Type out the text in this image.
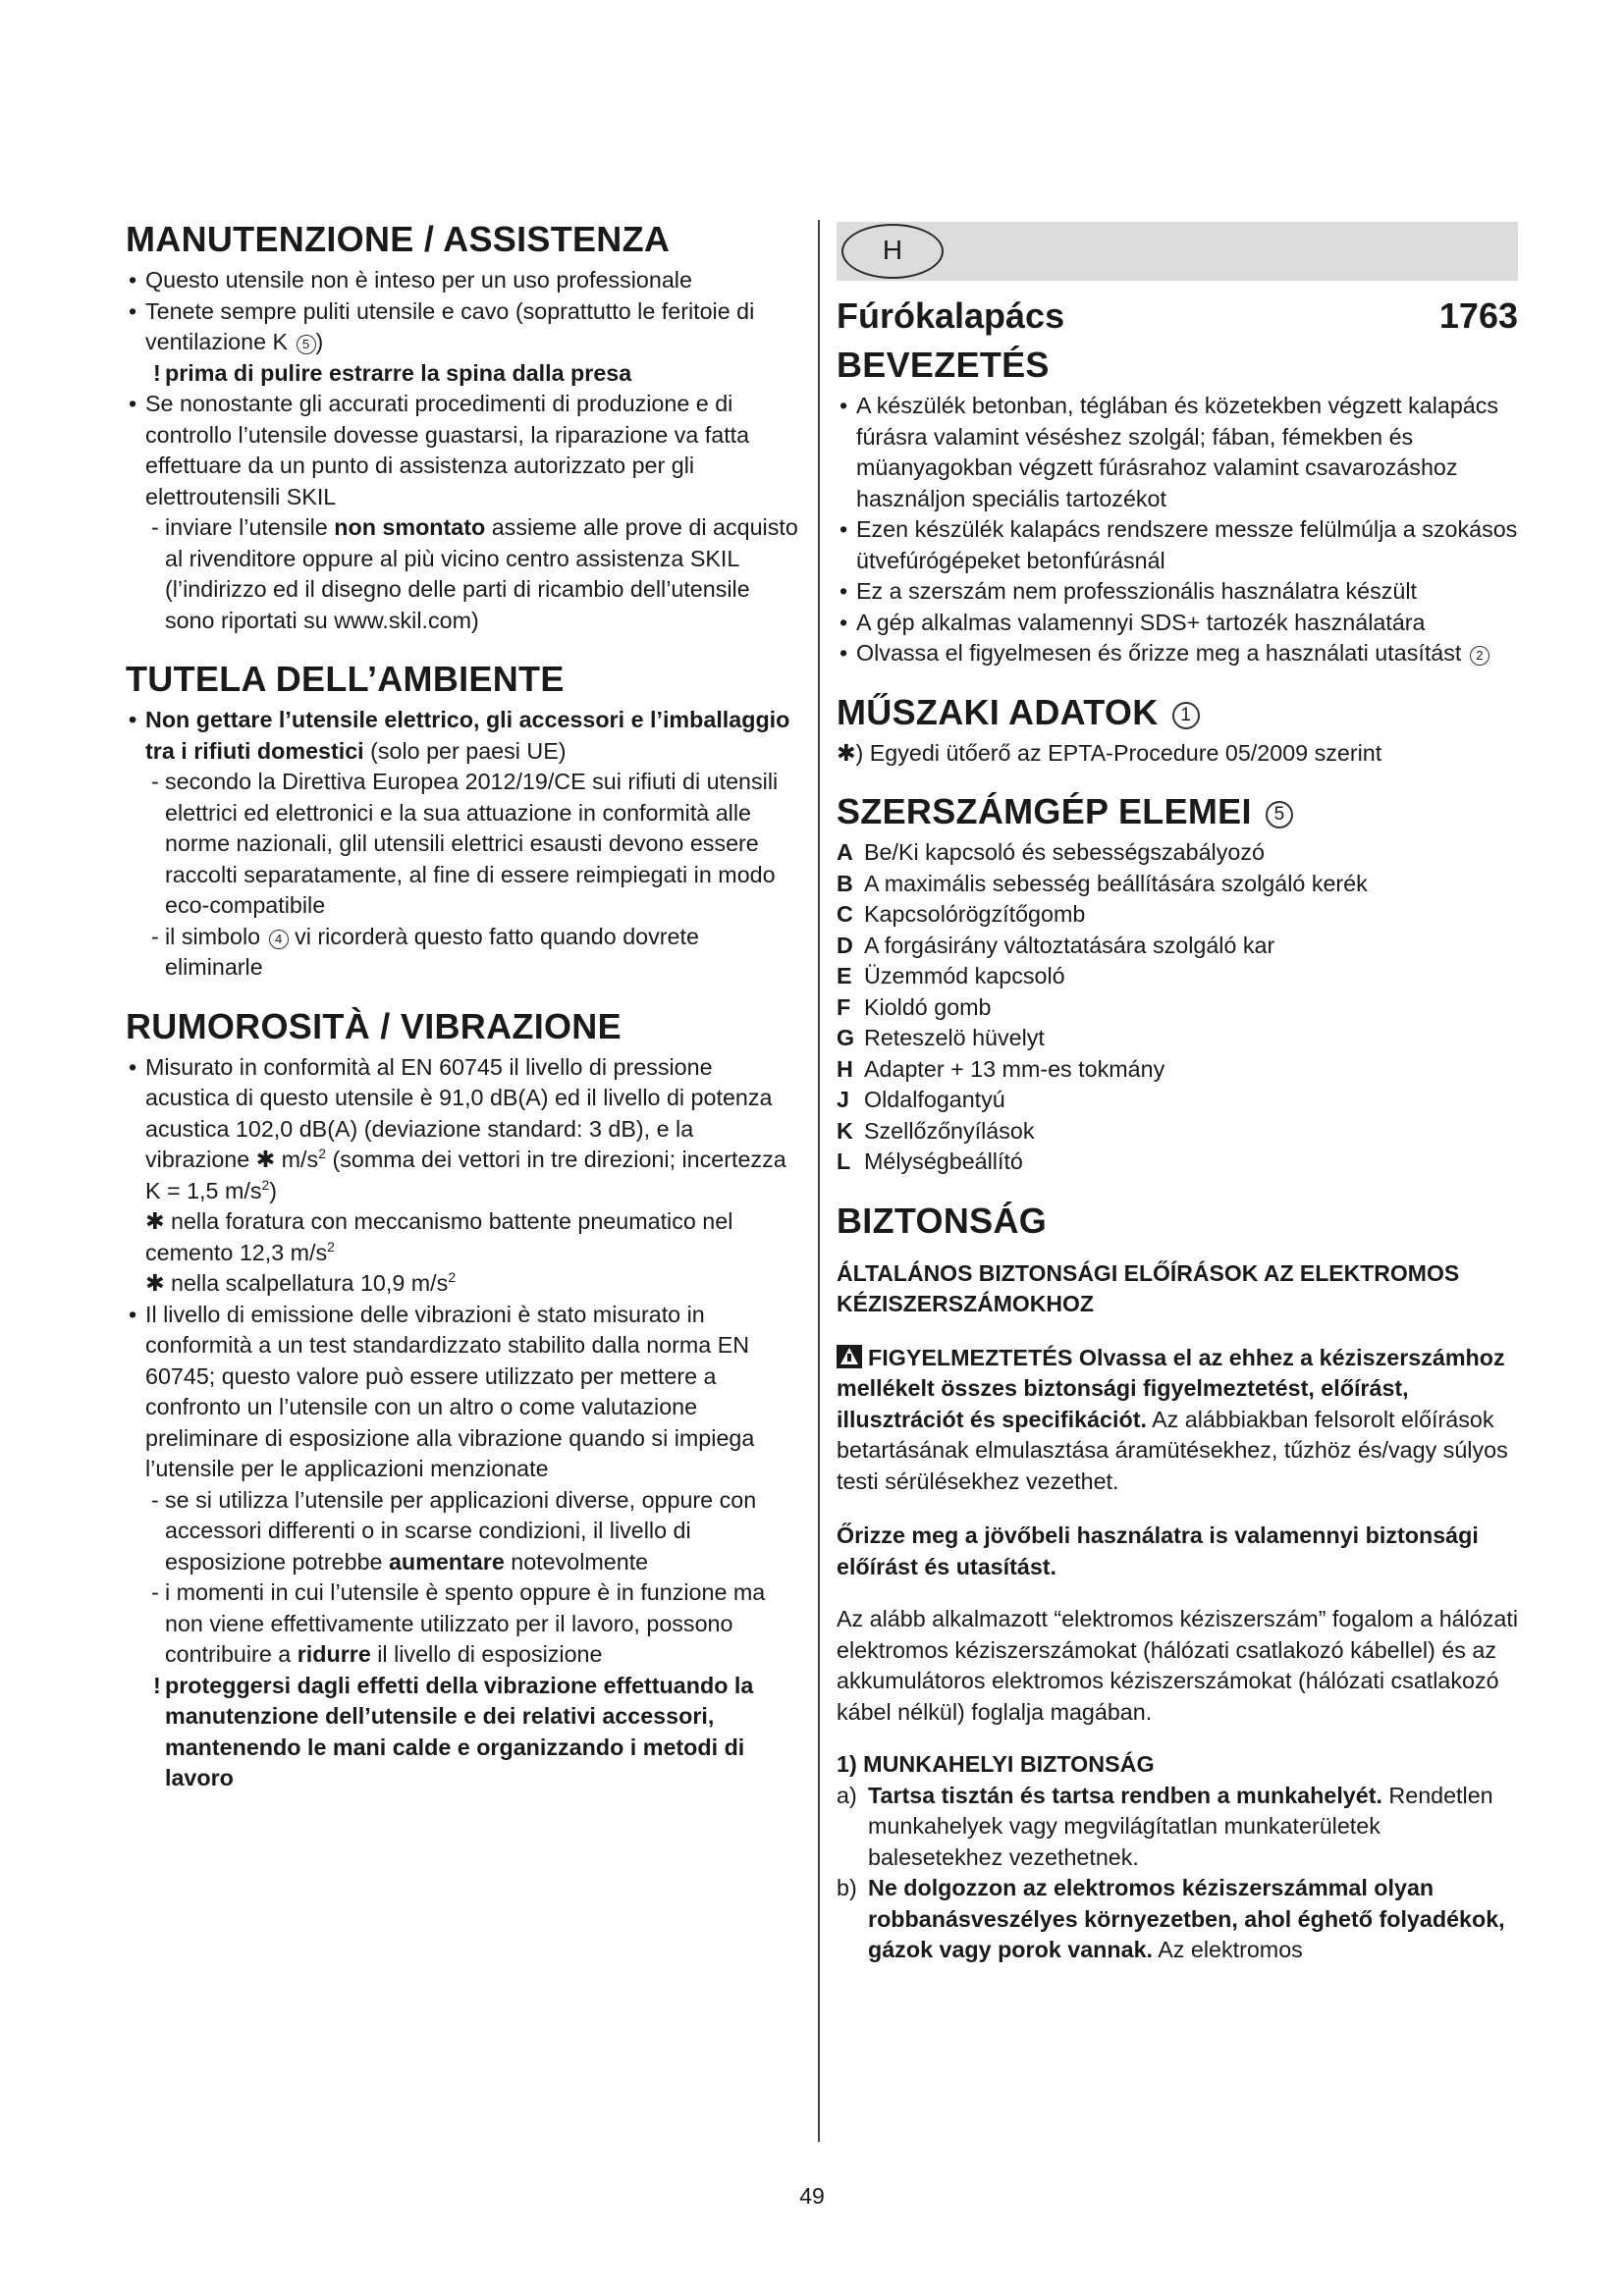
MANUTENZIONE / ASSISTENZA
• Questo utensile non è inteso per un uso professionale
• Tenete sempre puliti utensile e cavo (soprattutto le feritoie di ventilazione K 5 )
! prima di pulire estrarre la spina dalla presa
• Se nonostante gli accurati procedimenti di produzione e di controllo l’utensile dovesse guastarsi, la riparazione va fatta effettuare da un punto di assistenza autorizzato per gli elettroutensili SKIL
- inviare l’utensile non smontato assieme alle prove di acquisto al rivenditore oppure al più vicino centro assistenza SKIL (l’indirizzo ed il disegno delle parti di ricambio dell’utensile sono riportati su www.skil.com)
TUTELA DELL’AMBIENTE
• Non gettare l’utensile elettrico, gli accessori e l’imballaggio tra i rifiuti domestici (solo per paesi UE)
- secondo la Direttiva Europea 2012/19/CE sui rifiuti di utensili elettrici ed elettronici e la sua attuazione in conformità alle norme nazionali, glil utensili elettrici esausti devono essere raccolti separatamente, al fine di essere reimpiegati in modo eco-compatibile
- il simbolo 4 vi ricorderà questo fatto quando dovrete eliminarle
RUMOROSITÀ / VIBRAZIONE
• Misurato in conformità al EN 60745 il livello di pressione acustica di questo utensile è 91,0 dB(A) ed il livello di potenza acustica 102,0 dB(A) (deviazione standard: 3 dB), e la vibrazione ✱ $m/s^2$ (somma dei vettori in tre direzioni; incertezza K = 1,5 $m/s^2$)
✱ nella foratura con meccanismo battente pneumatico nel cemento 12,3 $m/s^2$
✱ nella scalpellatura 10,9 $m/s^2$
• Il livello di emissione delle vibrazioni è stato misurato in conformità a un test standardizzato stabilito dalla norma EN 60745; questo valore può essere utilizzato per mettere a confronto un l’utensile con un altro o come valutazione preliminare di esposizione alla vibrazione quando si impiega l’utensile per le applicazioni menzionate
- se si utilizza l’utensile per applicazioni diverse, oppure con accessori differenti o in scarse condizioni, il livello di esposizione potrebbe aumentare notevolmente
- i momenti in cui l’utensile è spento oppure è in funzione ma non viene effettivamente utilizzato per il lavoro, possono contribuire a ridurre il livello di esposizione
! proteggersi dagli effetti della vibrazione effettuando la manutenzione dell’utensile e dei relativi accessori, mantenendo le mani calde e organizzando i metodi di lavoro
H
Fúrókalapács	1763
BEVEZETÉS
• A készülék betonban, téglában és közetekben végzett kalapács fúrásra valamint véséshez szolgál; fában, fémekben és müanyagokban végzett fúrásrahoz valamint csavarozáshoz használjon speciális tartozékot
• Ezen készülék kalapács rendszere messze felülmúlja a szokásos ütvefúrógépeket betonfúrásnál
• Ez a szerszám nem professzionális használatra készült
• A gép alkalmas valamennyi SDS+ tartozék használatára
• Olvassa el figyelmesen és őrizze meg a használati utasítást 2
MŰSZAKI ADATOK 1
✱) Egyedi ütőerő az EPTA-Procedure 05/2009 szerint
SZERSZÁMGÉP ELEMEI 5
A Be/Ki kapcsoló és sebességszabályozó
B A maximális sebesség beállítására szolgáló kerék
C Kapcsolórögzítőgomb
D A forgásirány változtatására szolgáló kar
E Üzemmód kapcsoló
F Kioldó gomb
G Reteszelö hüvelyt
H Adapter + 13 mm-es tokmány
J Oldalfogantyú
K Szellőzőnyílások
L Mélységbeállító
BIZTONSÁG
ÁLTALÁNOS BIZTONSÁGI ELŐÍRÁSOK AZ ELEKTROMOS KÉZISZERSZÁMOKHOZ
FIGYELMEZTETÉS Olvassa el az ehhez a kéziszerszámhoz mellékelt összes biztonsági figyelmeztetést, előírást, illusztrációt és specifikációt. Az alábbiakban felsorolt előírások betartásának elmulasztása áramütésekhez, tűzhöz és/vagy súlyos testi sérülésekhez vezethet.
Őrizze meg a jövőbeli használatra is valamennyi biztonsági előírást és utasítást.
Az alább alkalmazott “elektromos kéziszerszám” fogalom a hálózati elektromos kéziszerszámokat (hálózati csatlakozó kábellel) és az akkumulátoros elektromos kéziszerszámokat (hálózati csatlakozó kábel nélkül) foglalja magában.
1) MUNKAHELYI BIZTONSÁG
a) Tartsa tisztán és tartsa rendben a munkahelyét. Rendetlen munkahelyek vagy megvilágítatlan munkaterületek balesetekhez vezethetnek.
b) Ne dolgozzon az elektromos kéziszerszámmal olyan robbanásveszélyes környezetben, ahol éghető folyadékok, gázok vagy porok vannak. Az elektromos
49
